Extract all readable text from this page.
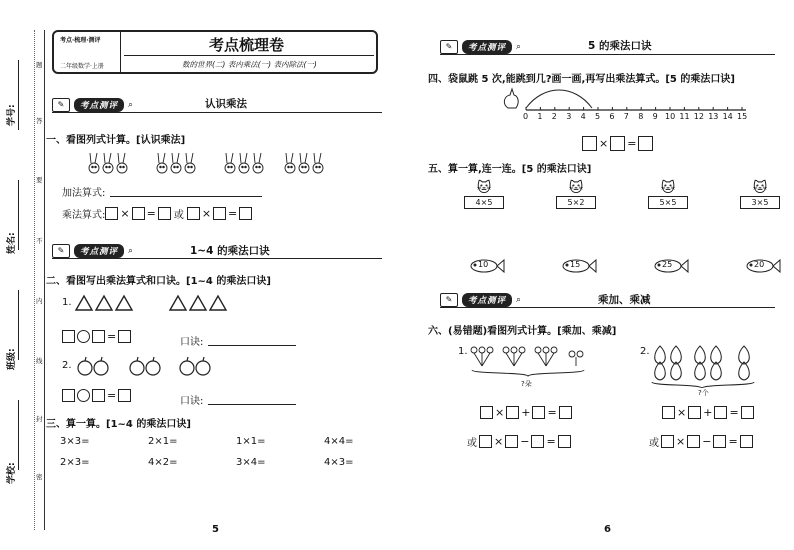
学号:
姓名:
班级:
学校:
题
答
要
不
内
线
封
密
考点·梳理·测评
二年级数学·上册
考点梳理卷
数的世界(二) 表内乘法(一) 表内除法(一)
✎	考点测评	⌕	认识乘法
一、看图列式计算。[认识乘法]
加法算式:
乘法算式: × = 或 × =
✎	考点测评	⌕	1~4 的乘法口诀
二、看图写出乘法算式和口诀。[1~4 的乘法口诀]
1.
=	口诀:
2.
=	口诀:
三、算一算。[1~4 的乘法口诀]
3×3=	2×1=	1×1=	4×4=
2×3=	4×2=	3×4=	4×3=
5
✎	考点测评	⌕	5 的乘法口诀
四、袋鼠跳 5 次,能跳到几?画一画,再写出乘法算式。[5 的乘法口诀]
0 1 2 3 4 5 6 7 8 9 10 11 12 13 14 15
× =
五、算一算,连一连。[5 的乘法口诀]
🐱
4×5
🐱
5×2
🐱
5×5
🐱
3×5
10	15	25	20
✎	考点测评	⌕	乘加、乘减
六、(易错题)看图列式计算。[乘加、乘减]
1.
?朵
2.
?个
× + =
或 × − =
× + =
或 × − =
6
